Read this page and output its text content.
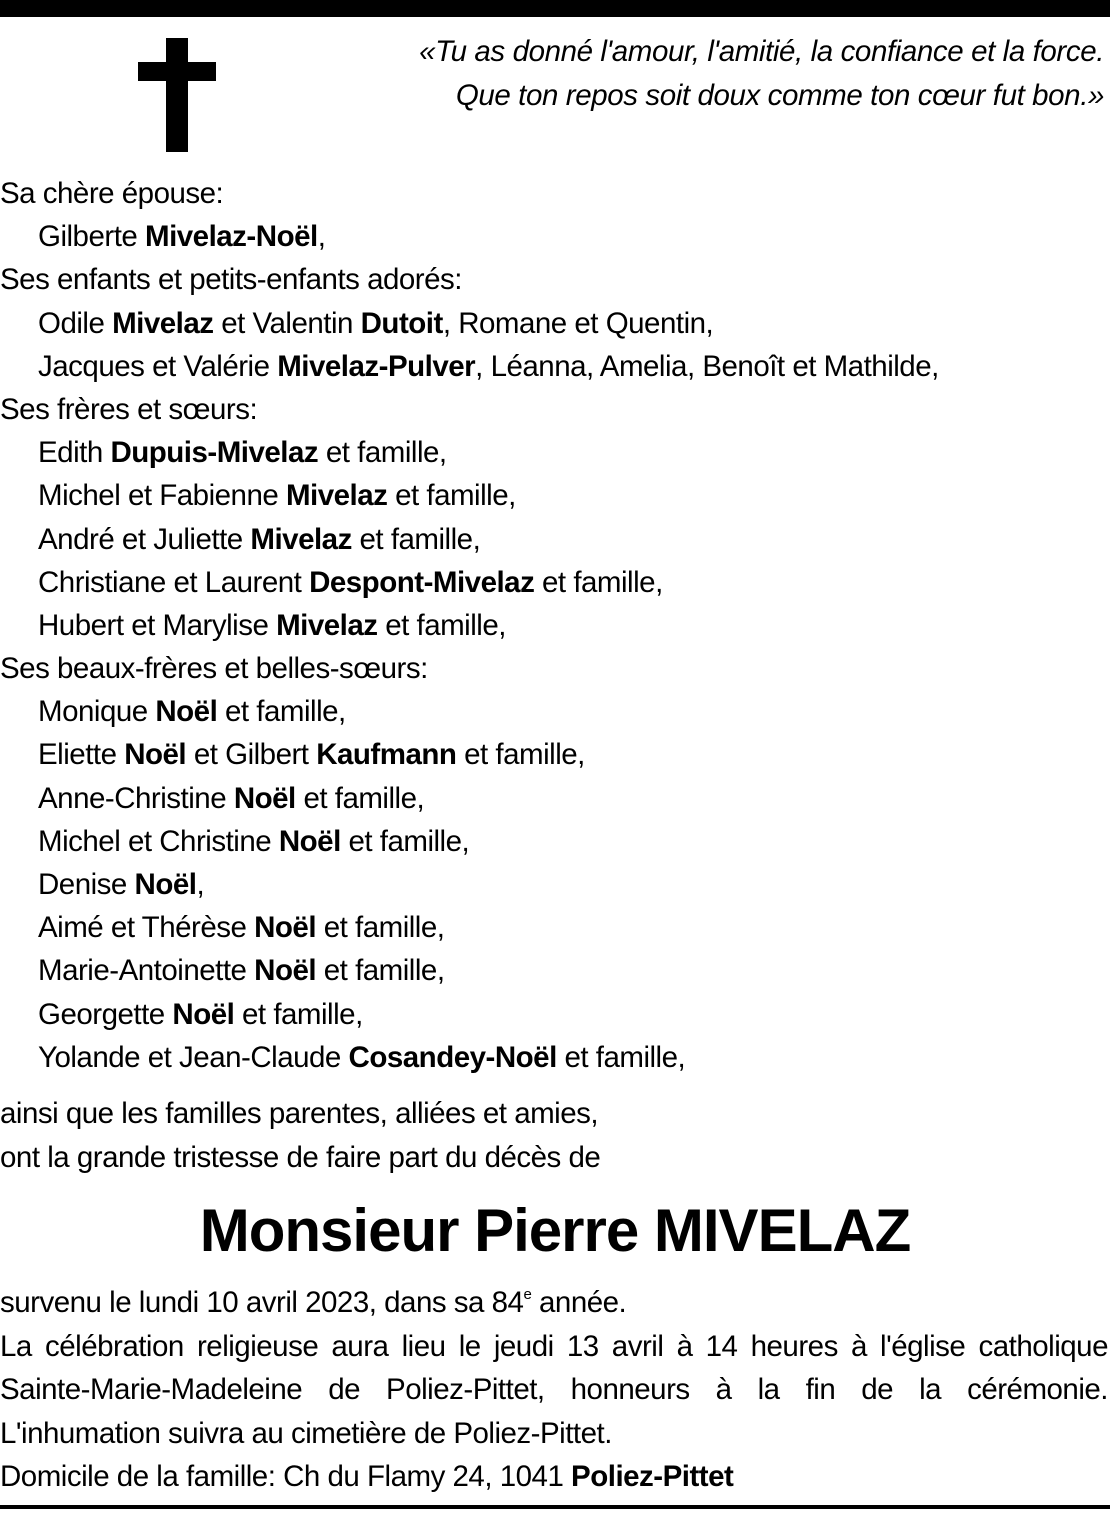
«Tu as donné l'amour, l'amitié, la confiance et la force.
Que ton repos soit doux comme ton cœur fut bon.»
Sa chère épouse:
Gilberte Mivelaz-Noël,
Ses enfants et petits-enfants adorés:
Odile Mivelaz et Valentin Dutoit, Romane et Quentin,
Jacques et Valérie Mivelaz-Pulver, Léanna, Amelia, Benoît et Mathilde,
Ses frères et sœurs:
Edith Dupuis-Mivelaz et famille,
Michel et Fabienne Mivelaz et famille,
André et Juliette Mivelaz et famille,
Christiane et Laurent Despont-Mivelaz et famille,
Hubert et Marylise Mivelaz et famille,
Ses beaux-frères et belles-sœurs:
Monique Noël et famille,
Eliette Noël et Gilbert Kaufmann et famille,
Anne-Christine Noël et famille,
Michel et Christine Noël et famille,
Denise Noël,
Aimé et Thérèse Noël et famille,
Marie-Antoinette Noël et famille,
Georgette Noël et famille,
Yolande et Jean-Claude Cosandey-Noël et famille,
ainsi que les familles parentes, alliées et amies,
ont la grande tristesse de faire part du décès de
Monsieur Pierre MIVELAZ
survenu le lundi 10 avril 2023, dans sa 84e année.
La célébration religieuse aura lieu le jeudi 13 avril à 14 heures à l'église catholique
Sainte-Marie-Madeleine de Poliez-Pittet, honneurs à la fin de la cérémonie.
L'inhumation suivra au cimetière de Poliez-Pittet.
Domicile de la famille: Ch du Flamy 24, 1041 Poliez-Pittet
